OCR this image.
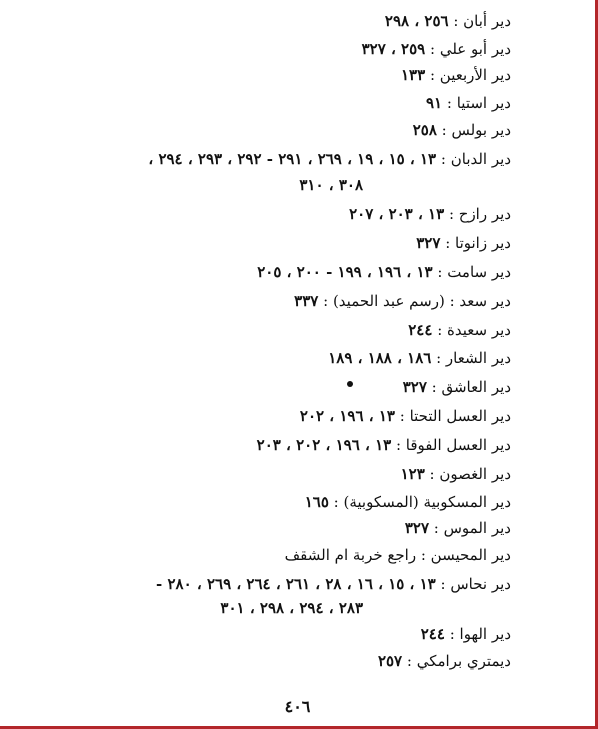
دير أبان : ٢٥٦ ، ٢٩٨
دير أبو علي : ٢٥٩ ، ٣٢٧
دير الأربعين : ١٣٣
دير استيا : ٩١
دير بولس : ٢٥٨
دير الدبان : ١٣ ، ١٥ ، ١٩ ، ٢٦٩ ، ٢٩١ - ٢٩٢ ، ٢٩٣ ، ٢٩٤ ،
٣٠٨ ، ٣١٠
دير رازح : ١٣ ، ٢٠٣ ، ٢٠٧
دير زانوتا : ٣٢٧
دير سامت : ١٣ ، ١٩٦ ، ١٩٩ - ٢٠٠ ، ٢٠٥
دير سعد : (رسم عبد الحميد) : ٣٣٧
دير سعيدة : ٢٤٤
دير الشعار : ١٨٦ ، ١٨٨ ، ١٨٩
دير العاشق : ٣٢٧
دير العسل التحتا : ١٣ ، ١٩٦ ، ٢٠٢
دير العسل الفوقا : ١٣ ، ١٩٦ ، ٢٠٢ ، ٢٠٣
دير الغصون : ١٢٣
دير المسكوبية (المسكوبية) : ١٦٥
دير الموس : ٣٢٧
دير المحيسن : راجع خربة ام الشقف
دير نحاس : ١٣ ، ١٥ ، ١٦ ، ٢٨ ، ٢٦١ ، ٢٦٤ ، ٢٦٩ ، ٢٨٠ -
٢٨٣ ، ٢٩٤ ، ٢٩٨ ، ٣٠١
دير الهوا : ٢٤٤
ديمتري برامكي : ٢٥٧
٤٠٦
